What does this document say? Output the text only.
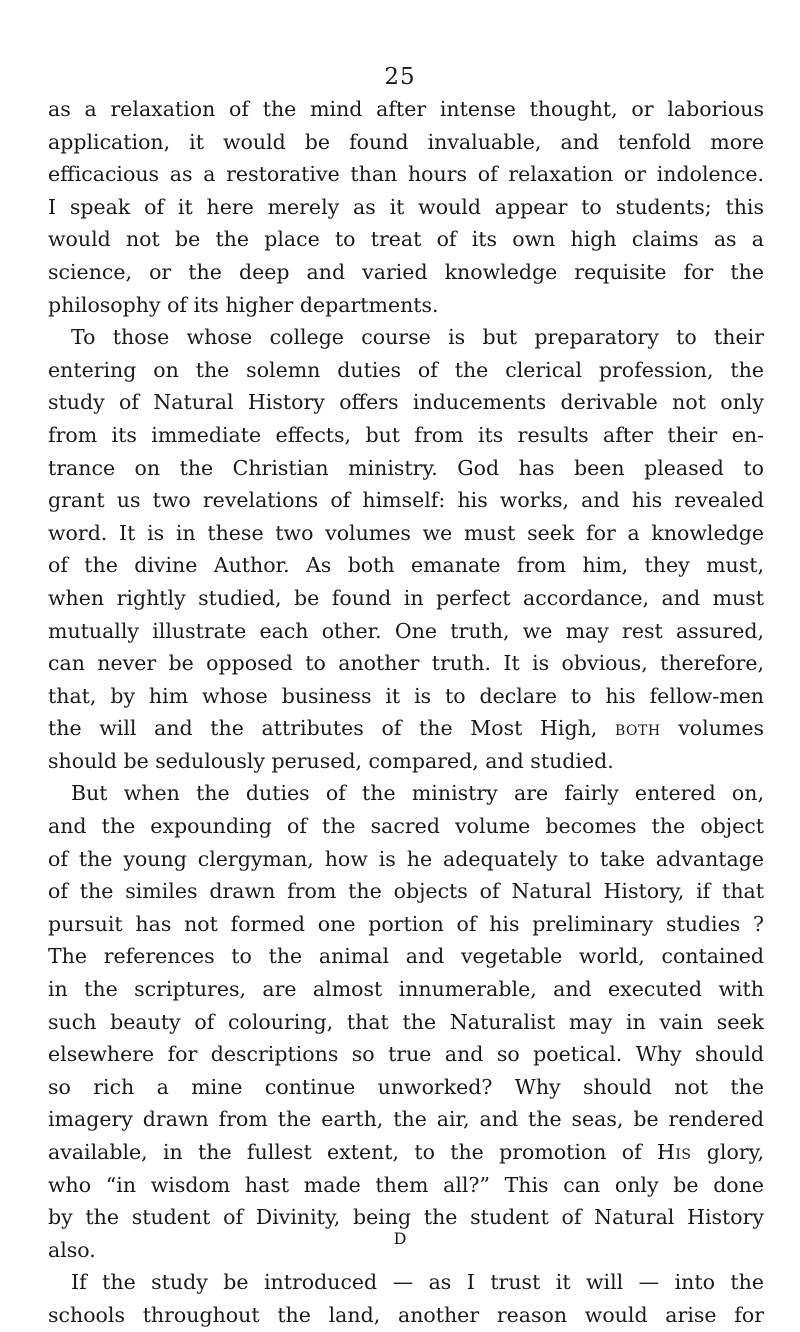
25
as a relaxation of the mind after intense thought, or laborious
application, it would be found invaluable, and tenfold more
efficacious as a restorative than hours of relaxation or indolence.
I speak of it here merely as it would appear to students; this
would not be the place to treat of its own high claims as a
science, or the deep and varied knowledge requisite for the
philosophy of its higher departments.
To those whose college course is but preparatory to their
entering on the solemn duties of the clerical profession, the
study of Natural History offers inducements derivable not only
from its immediate effects, but from its results after their en-
trance on the Christian ministry. God has been pleased to
grant us two revelations of himself: his works, and his revealed
word. It is in these two volumes we must seek for a knowledge
of the divine Author. As both emanate from him, they must,
when rightly studied, be found in perfect accordance, and must
mutually illustrate each other. One truth, we may rest assured,
can never be opposed to another truth. It is obvious, therefore,
that, by him whose business it is to declare to his fellow-men
the will and the attributes of the Most High, both volumes
should be sedulously perused, compared, and studied.
But when the duties of the ministry are fairly entered on,
and the expounding of the sacred volume becomes the object
of the young clergyman, how is he adequately to take advantage
of the similes drawn from the objects of Natural History, if that
pursuit has not formed one portion of his preliminary studies ?
The references to the animal and vegetable world, contained
in the scriptures, are almost innumerable, and executed with
such beauty of colouring, that the Naturalist may in vain seek
elsewhere for descriptions so true and so poetical. Why should
so rich a mine continue unworked? Why should not the
imagery drawn from the earth, the air, and the seas, be rendered
available, in the fullest extent, to the promotion of His glory,
who “in wisdom hast made them all?” This can only be done
by the student of Divinity, being the student of Natural History
also.
If the study be introduced — as I trust it will — into the
schools throughout the land, another reason would arise for
D
